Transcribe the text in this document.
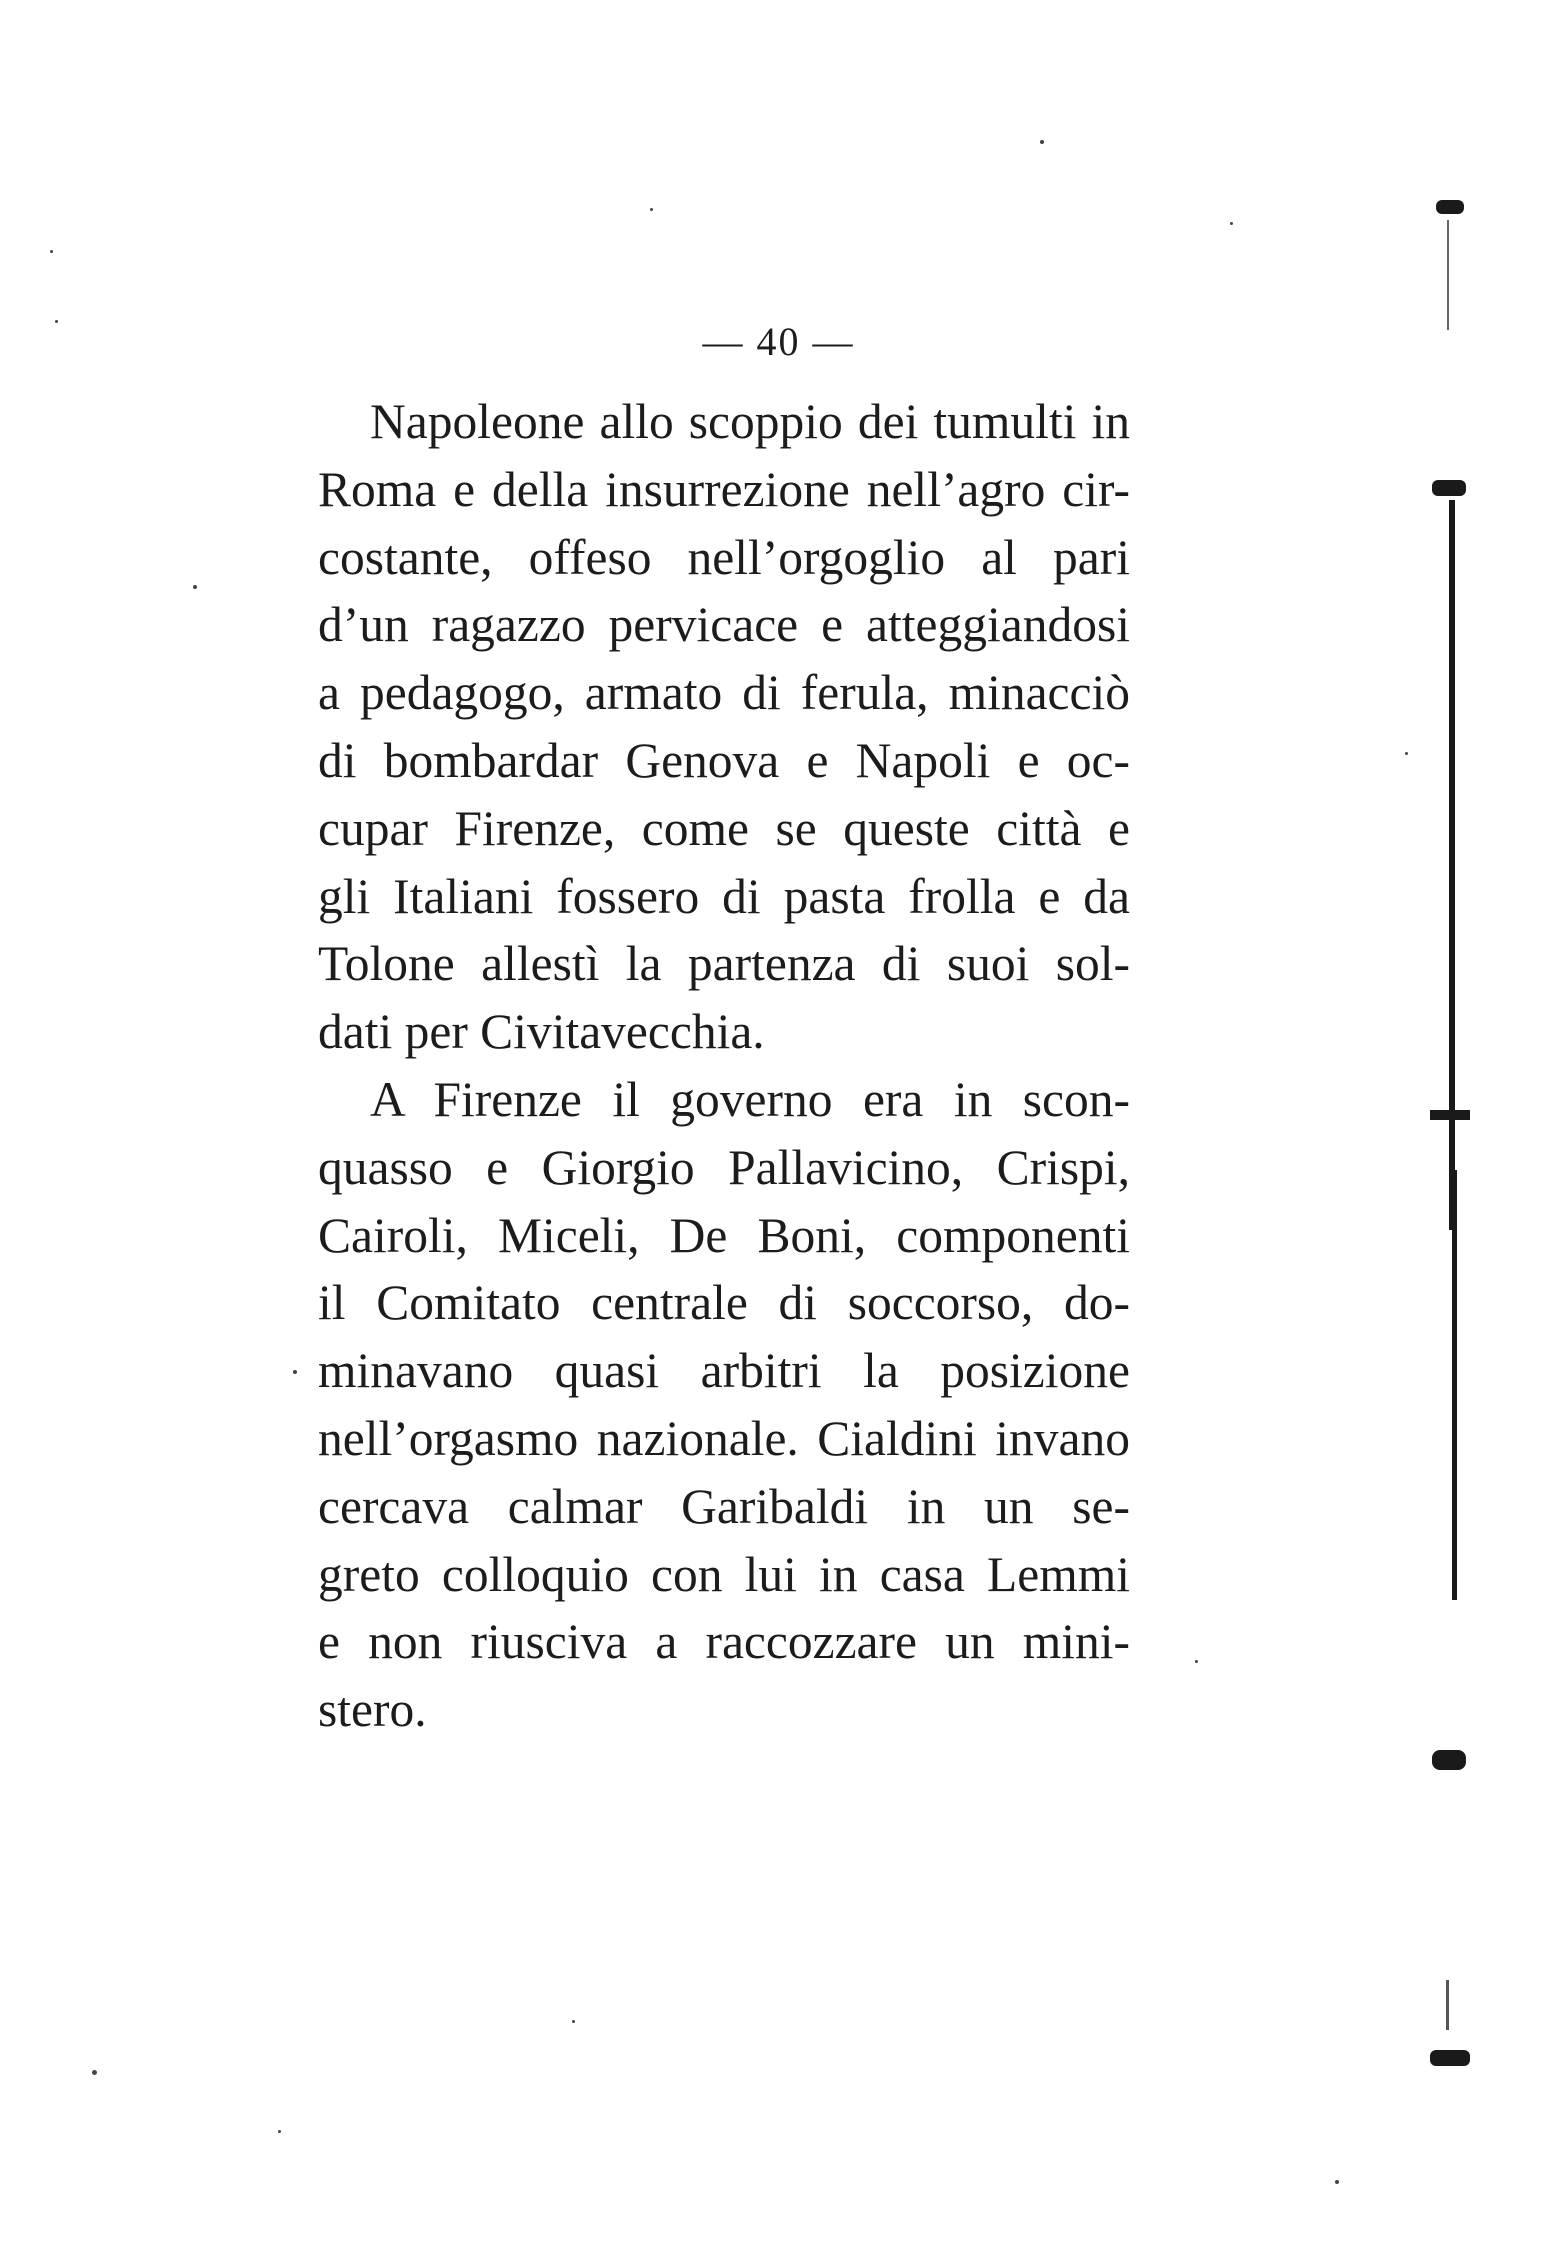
— 40 —
Napoleone allo scoppio dei tumulti in
Roma e della insurrezione nell’agro cir-
costante, offeso nell’orgoglio al pari
d’un ragazzo pervicace e atteggiandosi
a pedagogo, armato di ferula, minacciò
di bombardar Genova e Napoli e oc-
cupar Firenze, come se queste città e
gli Italiani fossero di pasta frolla e da
Tolone allestì la partenza di suoi sol-
dati per Civitavecchia.
A Firenze il governo era in scon-
quasso e Giorgio Pallavicino, Crispi,
Cairoli, Miceli, De Boni, componenti
il Comitato centrale di soccorso, do-
minavano quasi arbitri la posizione
nell’orgasmo nazionale. Cialdini invano
cercava calmar Garibaldi in un se-
greto colloquio con lui in casa Lemmi
e non riusciva a raccozzare un mini-
stero.
